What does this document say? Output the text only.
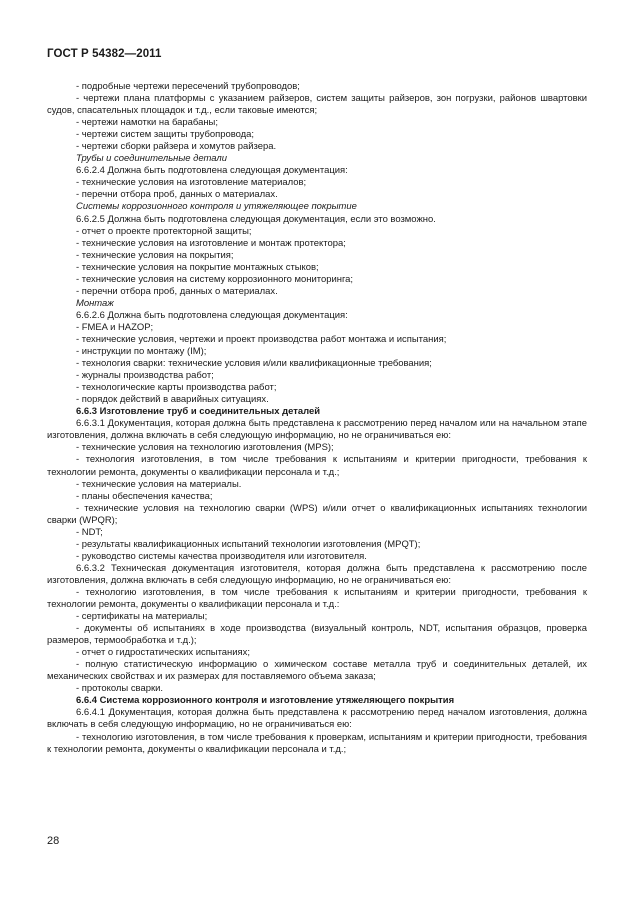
ГОСТ Р 54382—2011

- подробные чертежи пересечений трубопроводов;

- чертежи плана платформы с указанием райзеров, систем защиты райзеров, зон погрузки, районов швартовки судов, спасательных площадок и т.д., если таковые имеются;

- чертежи намотки на барабаны;

- чертежи систем защиты трубопровода;

- чертежи сборки райзера и хомутов райзера.

Трубы и соединительные детали

6.6.2.4 Должна быть подготовлена следующая документация:

- технические условия на изготовление материалов;

- перечни отбора проб, данных о материалах.

Системы коррозионного контроля и утяжеляющее покрытие

6.6.2.5 Должна быть подготовлена следующая документация, если это возможно.

- отчет о проекте протекторной защиты;

- технические условия на изготовление и монтаж протектора;

- технические условия на покрытия;

- технические условия на покрытие монтажных стыков;

- технические условия на систему коррозионного мониторинга;

- перечни отбора проб, данных о материалах.

Монтаж

6.6.2.6 Должна быть подготовлена следующая документация:

- FMEA и HAZOP;

- технические условия, чертежи и проект производства работ монтажа и испытания;

- инструкции по монтажу (IM);

- технология сварки: технические условия и/или квалификационные требования;

- журналы производства работ;

- технологические карты производства работ;

- порядок действий в аварийных ситуациях.

6.6.3 Изготовление труб и соединительных деталей

6.6.3.1 Документация, которая должна быть представлена к рассмотрению перед началом или на начальном этапе изготовления, должна включать в себя следующую информацию, но не ограничиваться ею:

- технические условия на технологию изготовления (MPS);

- технология изготовления, в том числе требования к испытаниям и критерии пригодности, требования к технологии ремонта, документы о квалификации персонала и т.д.;

- технические условия на материалы.

- планы обеспечения качества;

- технические условия на технологию сварки (WPS) и/или отчет о квалификационных испытаниях технологии сварки (WPQR);

- NDT;

- результаты квалификационных испытаний технологии изготовления (MPQT);

- руководство системы качества производителя или изготовителя.

6.6.3.2 Техническая документация изготовителя, которая должна быть представлена к рассмотрению после изготовления, должна включать в себя следующую информацию, но не ограничиваться ею:

- технологию изготовления, в том числе требования к испытаниям и критерии пригодности, требования к технологии ремонта, документы о квалификации персонала и т.д.:

- сертификаты на материалы;

- документы об испытаниях в ходе производства (визуальный контроль, NDT, испытания образцов, проверка размеров, термообработка и т.д.);

- отчет о гидростатических испытаниях;

- полную статистическую информацию о химическом составе металла труб и соединительных деталей, их механических свойствах и их размерах для поставляемого объема заказа;

- протоколы сварки.

6.6.4 Система коррозионного контроля и изготовление утяжеляющего покрытия

6.6.4.1 Документация, которая должна быть представлена к рассмотрению перед началом изготовления, должна включать в себя следующую информацию, но не ограничиваться ею:

- технологию изготовления, в том числе требования к проверкам, испытаниям и критерии пригодности, требования к технологии ремонта, документы о квалификации персонала и т.д.;

28
